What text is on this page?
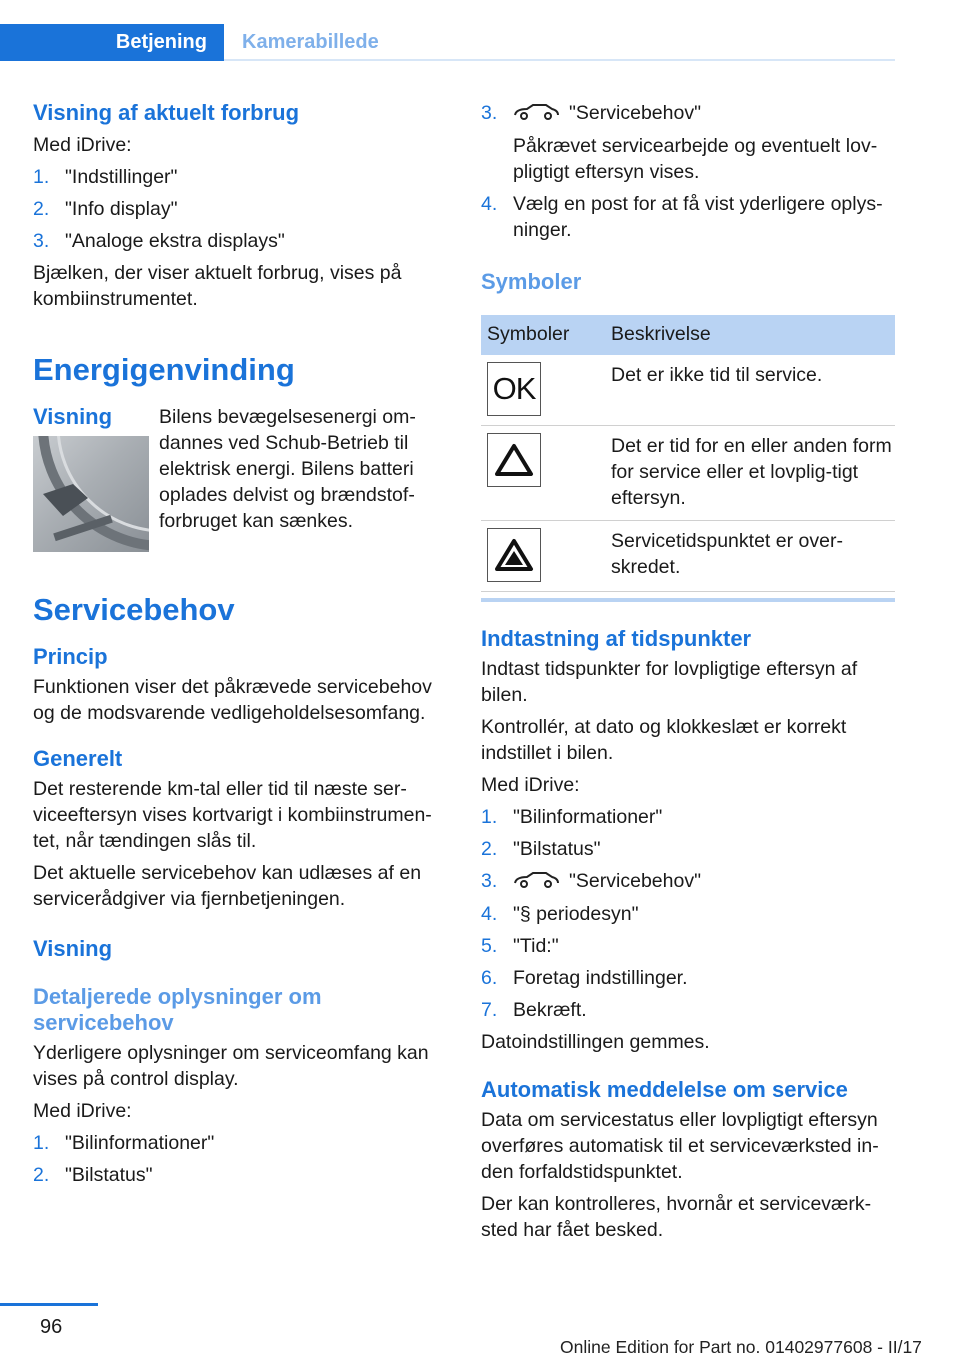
Betjening	Kamerabillede
Visning af aktuelt forbrug

Med iDrive:

1. "Indstillinger"
2. "Info display"
3. "Analoge ekstra displays"

Bjælken, der viser aktuelt forbrug, vises på kombiinstrumentet.

Energigenvinding
Visning	Bilens bevægelsesenergi om-

dannes ved Schub-Betrieb til

elektrisk energi. Bilens batteri

oplades delvist og brændstof-

forbruget kan sænkes.

Servicebehov
Princip

Funktionen viser det påkrævede servicebehov og de modsvarende vedligeholdelsesomfang.

Generelt

Det resterende km-tal eller tid til næste ser-viceeftersyn vises kortvarigt i kombiinstrumen-tet, når tændingen slås til.

Det aktuelle servicebehov kan udlæses af en servicerådgiver via fjernbetjeningen.

Visning
Detaljerede oplysninger om servicebehov

Yderligere oplysninger om serviceomfang kan vises på control display.

Med iDrive:

1. "Bilinformationer"
2. "Bilstatus"
3.	"Servicebehov"

Påkrævet servicearbejde og eventuelt lov-pligtigt eftersyn vises.

4. Vælg en post for at få vist yderligere oplys-ninger.
Symboler
Symboler	Beskrivelse

OK	Det er ikke tid til service.

	Det er tid for en eller anden form for service eller et lovplig-tigt eftersyn.

	Servicetidspunktet er over-skredet.
Indtastning af tidspunkter

Indtast tidspunkter for lovpligtige eftersyn af bilen.

Kontrollér, at dato og klokkeslæt er korrekt indstillet i bilen.

Med iDrive:

1. "Bilinformationer"
2. "Bilstatus"
3.	"Servicebehov"
4. "§ periodesyn"
5. "Tid:"
6. Foretag indstillinger.
7. Bekræft.

Datoindstillingen gemmes.

Automatisk meddelelse om service

Data om servicestatus eller lovpligtigt eftersyn overføres automatisk til et serviceværksted in-den forfaldstidspunktet.

Der kan kontrolleres, hvornår et serviceværk-sted har fået besked.

96
Online Edition for Part no. 01402977608 - II/17
